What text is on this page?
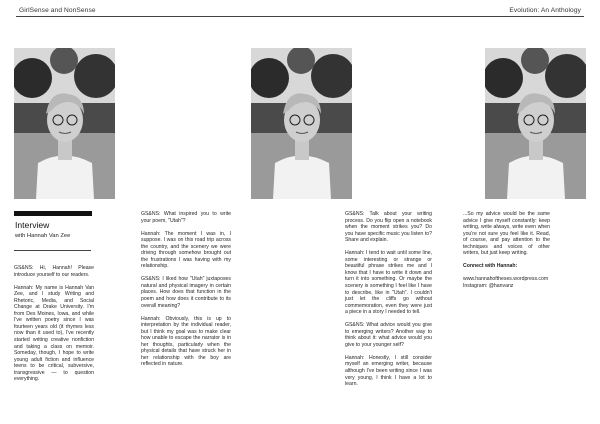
GirlSense and NonSense	Evolution: An Anthology
Interview
with Hannah Van Zee

GS&NS: Hi, Hannah! Please introduce yourself to our readers.

Hannah: My name is Hannah Van Zee, and I study Writing and Rhetoric, Media, and Social Change at Drake University. I'm from Des Moines, Iowa, and while I've written poetry since I was fourteen years old (it rhymes less now than it used to), I've recently started writing creative nonfiction and taking a class on memoir. Someday, though, I hope to write young adult fiction and influence teens to be critical, subversive, transgressive — to question everything.

GS&NS: What inspired you to write your poem, "Utah"?

Hannah: The moment I was in, I suppose. I was on this road trip across the country, and the scenery we were driving through somehow brought out the frustrations I was having with my relationship.

GS&NS: I liked how "Utah" juxtaposes natural and physical imagery in certain places. How does that function in the poem and how does it contribute to its overall meaning?

Hannah: Obviously, this is up to interpretation by the individual reader, but I think my goal was to make clear how unable to escape the narrator is in her thoughts, particularly when the physical details that have struck her in her relationship with the boy are reflected in nature.

GS&NS: Talk about your writing process. Do you flip open a notebook when the moment strikes you? Do you have specific music you listen to? Share and explain.

Hannah: I tend to wait until some line, some interesting or strange or beautiful phrase strikes me and I know that I have to write it down and turn it into something. Or maybe the scenery is something I feel like I have to describe, like in "Utah". I couldn't just let the cliffs go without commemoration, even they were just a piece in a story I needed to tell.

GS&NS: What advice would you give to emerging writers? Another way to think about it: what advice would you give to your younger self?

Hannah: Honestly, I still consider myself an emerging writer, because although I've been writing since I was very young, I think I have a lot to learn.

...So my advice would be the same advice I give myself constantly: keep writing, write always, write even when you're not sure you feel like it. Read, of course, and pay attention to the techniques and voices of other writers, but just keep writing.

Connect with Hannah:

www.hannahoftheses.wordpress.com
Instagram: @hanvanz
